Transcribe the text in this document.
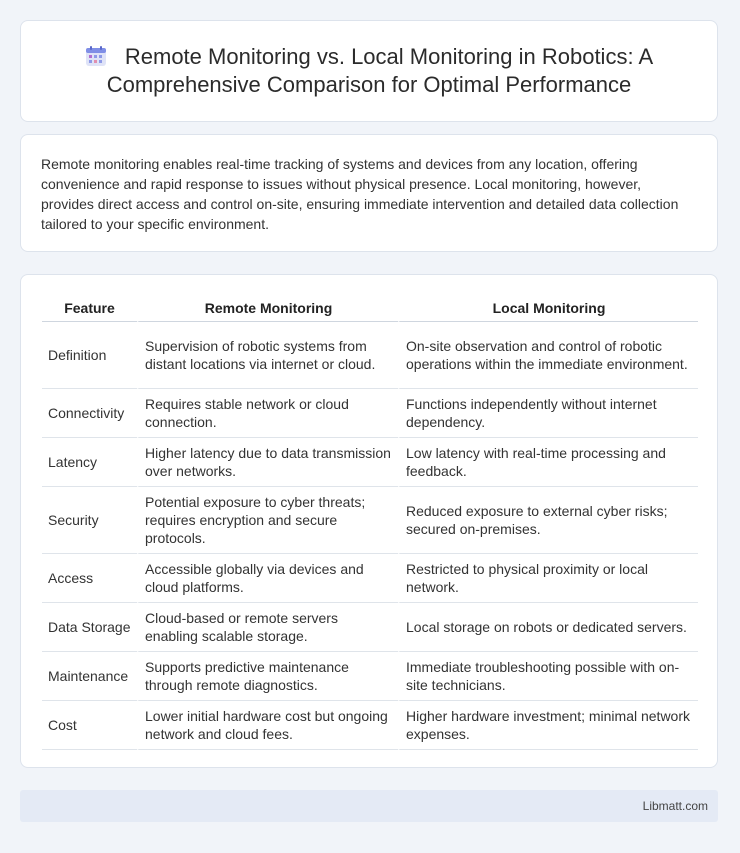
Remote Monitoring vs. Local Monitoring in Robotics: A Comprehensive Comparison for Optimal Performance

Remote monitoring enables real-time tracking of systems and devices from any location, offering convenience and rapid response to issues without physical presence. Local monitoring, however, provides direct access and control on-site, ensuring immediate intervention and detailed data collection tailored to your specific environment.

Feature	Remote Monitoring	Local Monitoring
Definition	Supervision of robotic systems from distant locations via internet or cloud.	On-site observation and control of robotic operations within the immediate environment.
Connectivity	Requires stable network or cloud connection.	Functions independently without internet dependency.
Latency	Higher latency due to data transmission over networks.	Low latency with real-time processing and feedback.
Security	Potential exposure to cyber threats; requires encryption and secure protocols.	Reduced exposure to external cyber risks; secured on-premises.
Access	Accessible globally via devices and cloud platforms.	Restricted to physical proximity or local network.
Data Storage	Cloud-based or remote servers enabling scalable storage.	Local storage on robots or dedicated servers.
Maintenance	Supports predictive maintenance through remote diagnostics.	Immediate troubleshooting possible with on-site technicians.
Cost	Lower initial hardware cost but ongoing network and cloud fees.	Higher hardware investment; minimal network expenses.
Libmatt.com
